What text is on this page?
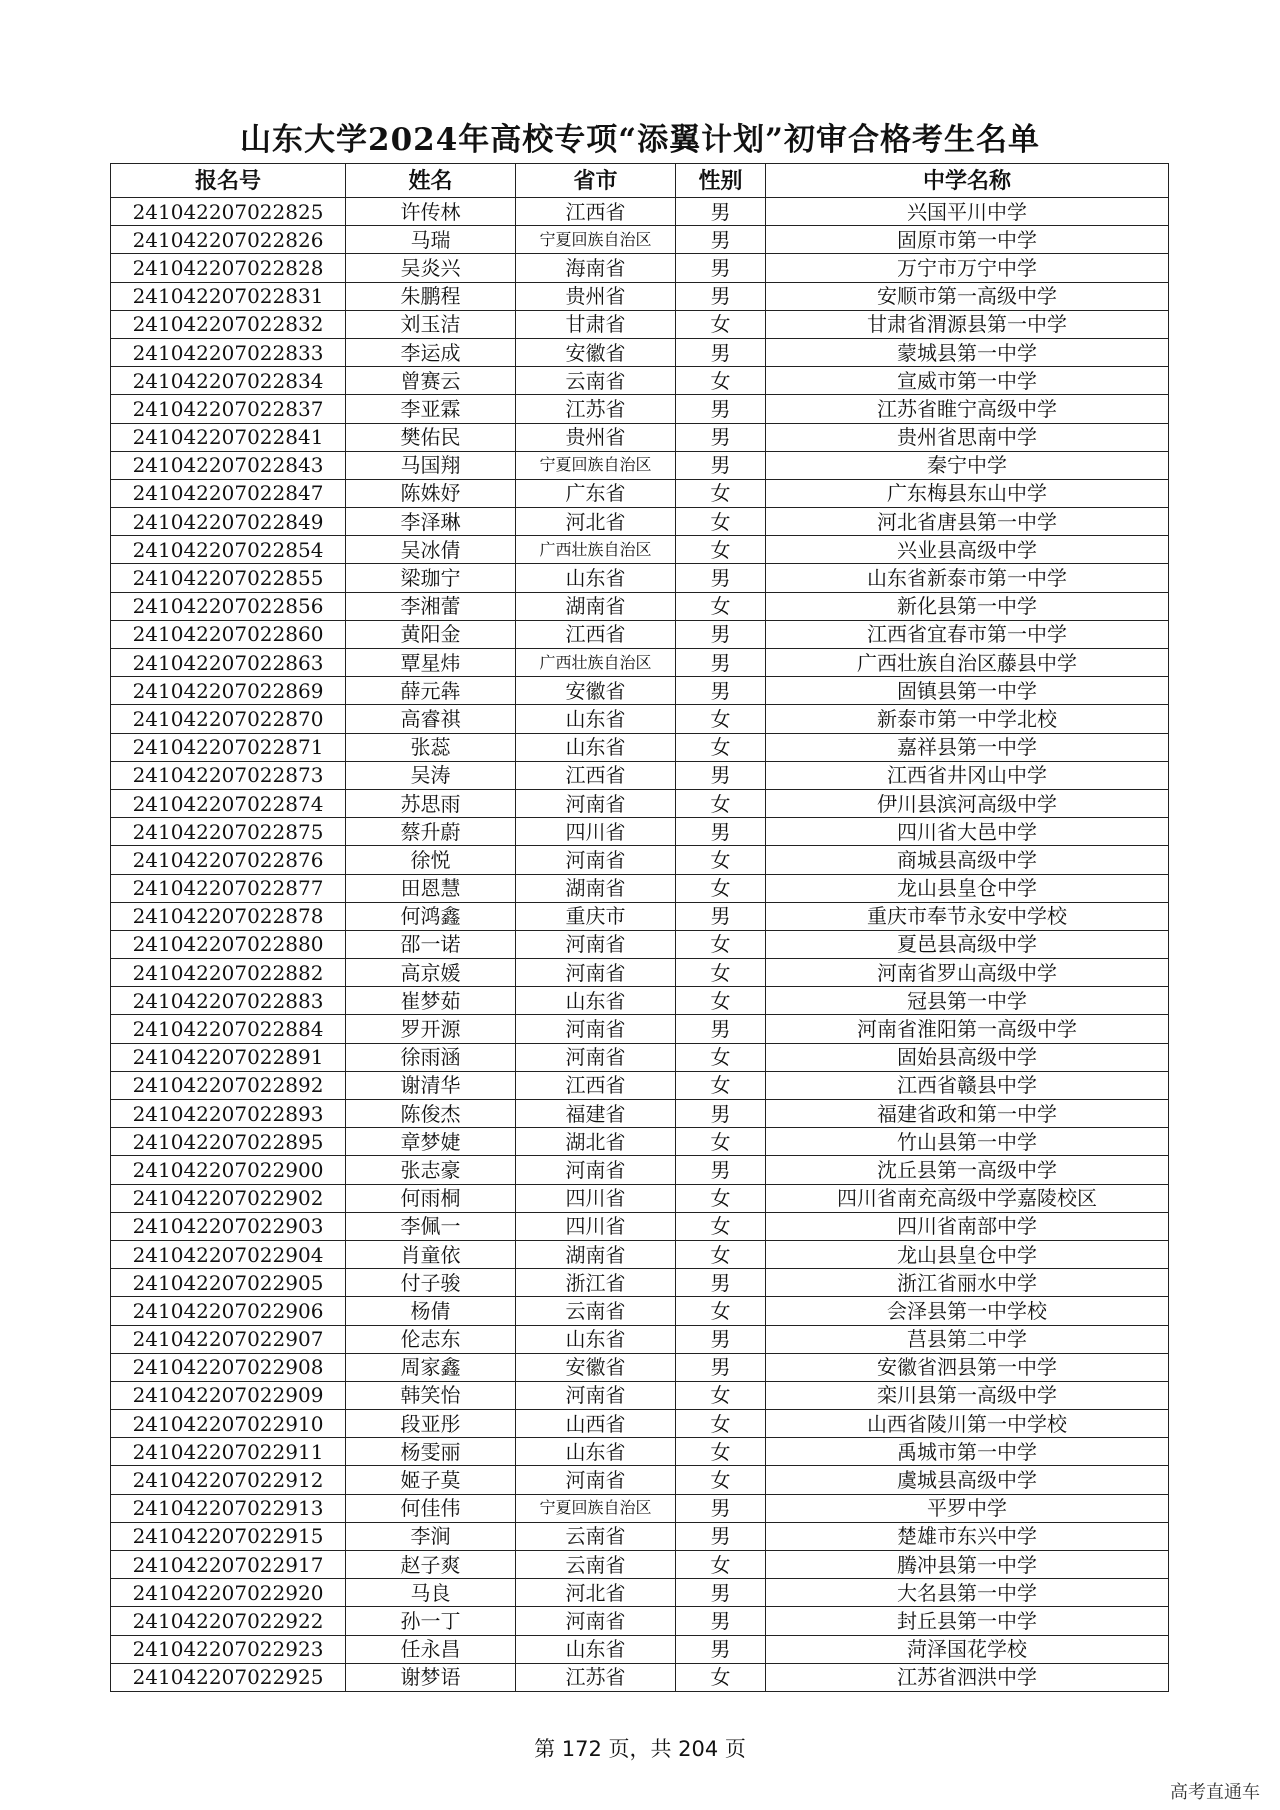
山东大学2024年高校专项“添翼计划”初审合格考生名单
报名号	姓名	省市	性别	中学名称
241042207022825	许传林	江西省	男	兴国平川中学
241042207022826	马瑞	宁夏回族自治区	男	固原市第一中学
241042207022828	吴炎兴	海南省	男	万宁市万宁中学
241042207022831	朱鹏程	贵州省	男	安顺市第一高级中学
241042207022832	刘玉洁	甘肃省	女	甘肃省渭源县第一中学
241042207022833	李运成	安徽省	男	蒙城县第一中学
241042207022834	曾赛云	云南省	女	宣威市第一中学
241042207022837	李亚霖	江苏省	男	江苏省睢宁高级中学
241042207022841	樊佑民	贵州省	男	贵州省思南中学
241042207022843	马国翔	宁夏回族自治区	男	秦宁中学
241042207022847	陈姝妤	广东省	女	广东梅县东山中学
241042207022849	李泽琳	河北省	女	河北省唐县第一中学
241042207022854	吴冰倩	广西壮族自治区	女	兴业县高级中学
241042207022855	梁珈宁	山东省	男	山东省新泰市第一中学
241042207022856	李湘蕾	湖南省	女	新化县第一中学
241042207022860	黄阳金	江西省	男	江西省宜春市第一中学
241042207022863	覃星炜	广西壮族自治区	男	广西壮族自治区藤县中学
241042207022869	薛元犇	安徽省	男	固镇县第一中学
241042207022870	高睿祺	山东省	女	新泰市第一中学北校
241042207022871	张蕊	山东省	女	嘉祥县第一中学
241042207022873	吴涛	江西省	男	江西省井冈山中学
241042207022874	苏思雨	河南省	女	伊川县滨河高级中学
241042207022875	蔡升蔚	四川省	男	四川省大邑中学
241042207022876	徐悦	河南省	女	商城县高级中学
241042207022877	田恩慧	湖南省	女	龙山县皇仓中学
241042207022878	何鸿鑫	重庆市	男	重庆市奉节永安中学校
241042207022880	邵一诺	河南省	女	夏邑县高级中学
241042207022882	高京媛	河南省	女	河南省罗山高级中学
241042207022883	崔梦茹	山东省	女	冠县第一中学
241042207022884	罗开源	河南省	男	河南省淮阳第一高级中学
241042207022891	徐雨涵	河南省	女	固始县高级中学
241042207022892	谢清华	江西省	女	江西省赣县中学
241042207022893	陈俊杰	福建省	男	福建省政和第一中学
241042207022895	章梦婕	湖北省	女	竹山县第一中学
241042207022900	张志豪	河南省	男	沈丘县第一高级中学
241042207022902	何雨桐	四川省	女	四川省南充高级中学嘉陵校区
241042207022903	李佩一	四川省	女	四川省南部中学
241042207022904	肖童依	湖南省	女	龙山县皇仓中学
241042207022905	付子骏	浙江省	男	浙江省丽水中学
241042207022906	杨倩	云南省	女	会泽县第一中学校
241042207022907	伦志东	山东省	男	莒县第二中学
241042207022908	周家鑫	安徽省	男	安徽省泗县第一中学
241042207022909	韩笑怡	河南省	女	栾川县第一高级中学
241042207022910	段亚彤	山西省	女	山西省陵川第一中学校
241042207022911	杨雯丽	山东省	女	禹城市第一中学
241042207022912	姬子莫	河南省	女	虞城县高级中学
241042207022913	何佳伟	宁夏回族自治区	男	平罗中学
241042207022915	李涧	云南省	男	楚雄市东兴中学
241042207022917	赵子爽	云南省	女	腾冲县第一中学
241042207022920	马良	河北省	男	大名县第一中学
241042207022922	孙一丁	河南省	男	封丘县第一中学
241042207022923	任永昌	山东省	男	菏泽国花学校
241042207022925	谢梦语	江苏省	女	江苏省泗洪中学
第 172 页，共 204 页
高考直通车
